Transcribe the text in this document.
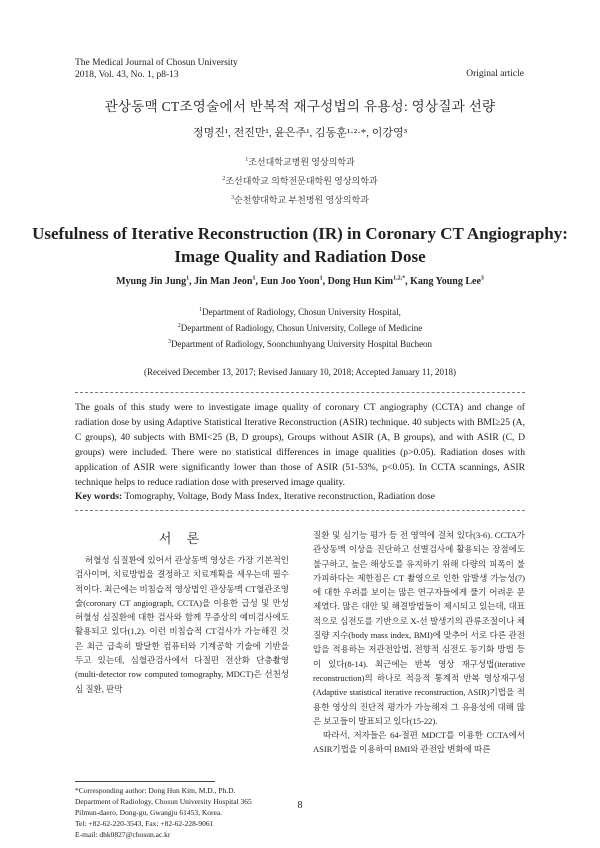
The Medical Journal of Chosun University
2018, Vol. 43, No. 1, p8-13	Original article
관상동맥 CT조영술에서 반복적 재구성법의 유용성: 영상질과 선량
정명진¹, 전진만¹, 윤은주¹, 김동훈¹·²·*, 이강영³
$^1$조선대학교병원 영상의학과
$^2$조선대학교 의학전문대학원 영상의학과
$^3$순천향대학교 부천병원 영상의학과
Usefulness of Iterative Reconstruction (IR) in Coronary CT Angiography:
Image Quality and Radiation Dose
Myung Jin Jung$^1$, Jin Man Jeon$^1$, Eun Joo Yoon$^1$, Dong Hun Kim$^{1,2,*}$, Kang Young Lee$^3$
$^1$Department of Radiology, Chosun University Hospital,
$^2$Department of Radiology, Chosun University, College of Medicine
$^3$Department of Radiology, Soonchunhyang University Hospital Bucheon
(Received December 13, 2017; Revised January 10, 2018; Accepted January 11, 2018)
The goals of this study were to investigate image quality of coronary CT angiography (CCTA) and change of radiation dose by using Adaptive Statistical Iterative Reconstruction (ASIR) technique. 40 subjects with BMI≥25 (A, C groups), 40 subjects with BMI<25 (B, D groups), Groups without ASIR (A, B groups), and with ASIR (C, D groups) were included. There were no statistical differences in image qualities (p>0.05). Radiation doses with application of ASIR were significantly lower than those of ASIR (51-53%, p<0.05). In CCTA scannings, ASIR technique helps to reduce radiation dose with preserved image quality.
Key words: Tomography, Voltage, Body Mass Index, Iterative reconstruction, Radiation dose
서 론

허혈성 심질환에 있어서 관상동맥 영상은 가장 기본적인 검사이며, 치료방법을 결정하고 치료계획을 세우는데 필수적이다. 최근에는 비침습적 영상법인 관상동맥 CT혈관조영술(coronary CT angiograph, CCTA)을 이용한 급성 및 만성 허혈성 심질환에 대한 검사와 함께 무증상의 예비검사에도 활용되고 있다(1,2). 이런 비침습적 CT검사가 가능해진 것은 최근 급속히 발달한 컴퓨터와 기계공학 기술에 기반을 두고 있는데, 심혈관검사에서 다절편 전산화 단층촬영(multi-detector row computed tomography, MDCT)은 선천성 심 질환, 판막

질환 및 심기능 평가 등 전 영역에 걸쳐 있다(3-6). CCTA가 관상동맥 이상을 진단하고 선별검사에 활용되는 장점에도 불구하고, 높은 해상도를 유지하기 위해 다량의 피폭이 불가피하다는 제한점은 CT 촬영으로 인한 암발생 가능성(7)에 대한 우려를 보이는 많은 연구자들에게 풀기 어려운 문제였다. 많은 대안 및 해결방법들이 제시되고 있는데, 대표적으로 심전도를 기반으로 X-선 발생기의 관류조절이나 체질량 지수(body mass index, BMI)에 맞추어 서로 다른 관전압을 적용하는 저관전압법, 전향적 심전도 동기화 방법 등이 있다(8-14). 최근에는 반복 영상 재구성법(iterative reconstruction)의 하나로 적응적 통계적 반복 영상재구성(Adaptive statistical iterative reconstruction, ASIR)기법을 적용한 영상의 진단적 평가가 가능해져 그 유용성에 대해 많은 보고들이 발표되고 있다(15-22).

따라서, 저자들은 64-절편 MDCT를 이용한 CCTA에서 ASIR기법을 이용하여 BMI와 관전압 변화에 따른

*Corresponding author: Dong Hun Kim, M.D., Ph.D.
Department of Radiology, Chosun University Hospital 365
Pilmun-daero, Dong-gu, Gwangju 61453, Korea.
Tel: +82-62-220-3543, Fax: +82-62-228-9061
E-mail: dhk0827@chosun.ac.kr
8
